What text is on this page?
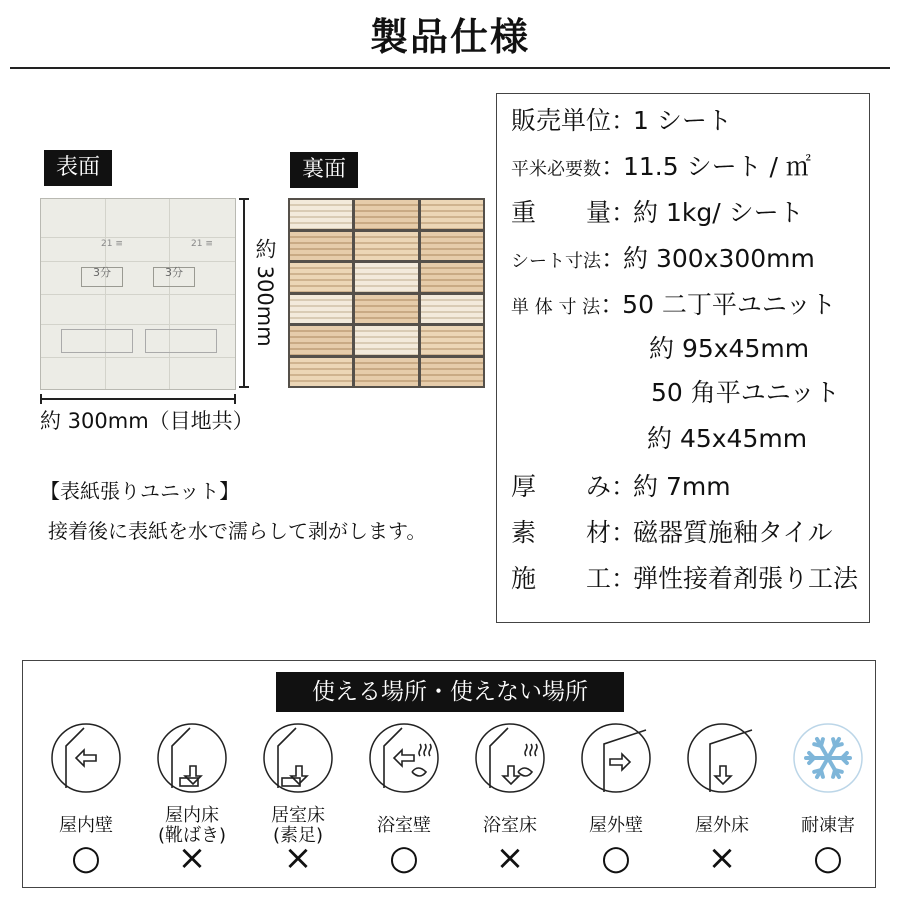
製品仕様
表面
3分	3分
21 ≡	21 ≡ 約 300mm
約 300mm（目地共）
裏面
【表紙張りユニット】
接着後に表紙を水で濡らして剥がします。
販売単位：1 シート
平米必要数：11.5 シート / ㎡
重　　量：約 1kg/ シート
シート寸法：約 300x300mm
単 体 寸 法：50 二丁平ユニット
約 95x45mm
50 角平ユニット
約 45x45mm
厚　　み：約 7mm
素　　材：磁器質施釉タイル
施　　工：弾性接着剤張り工法
使える場所・使えない場所
屋内壁
○
屋内床
(靴ばき)
×
居室床
(素足)
×
浴室壁
○
浴室床
×
屋外壁
○
屋外床
×
耐凍害
○
